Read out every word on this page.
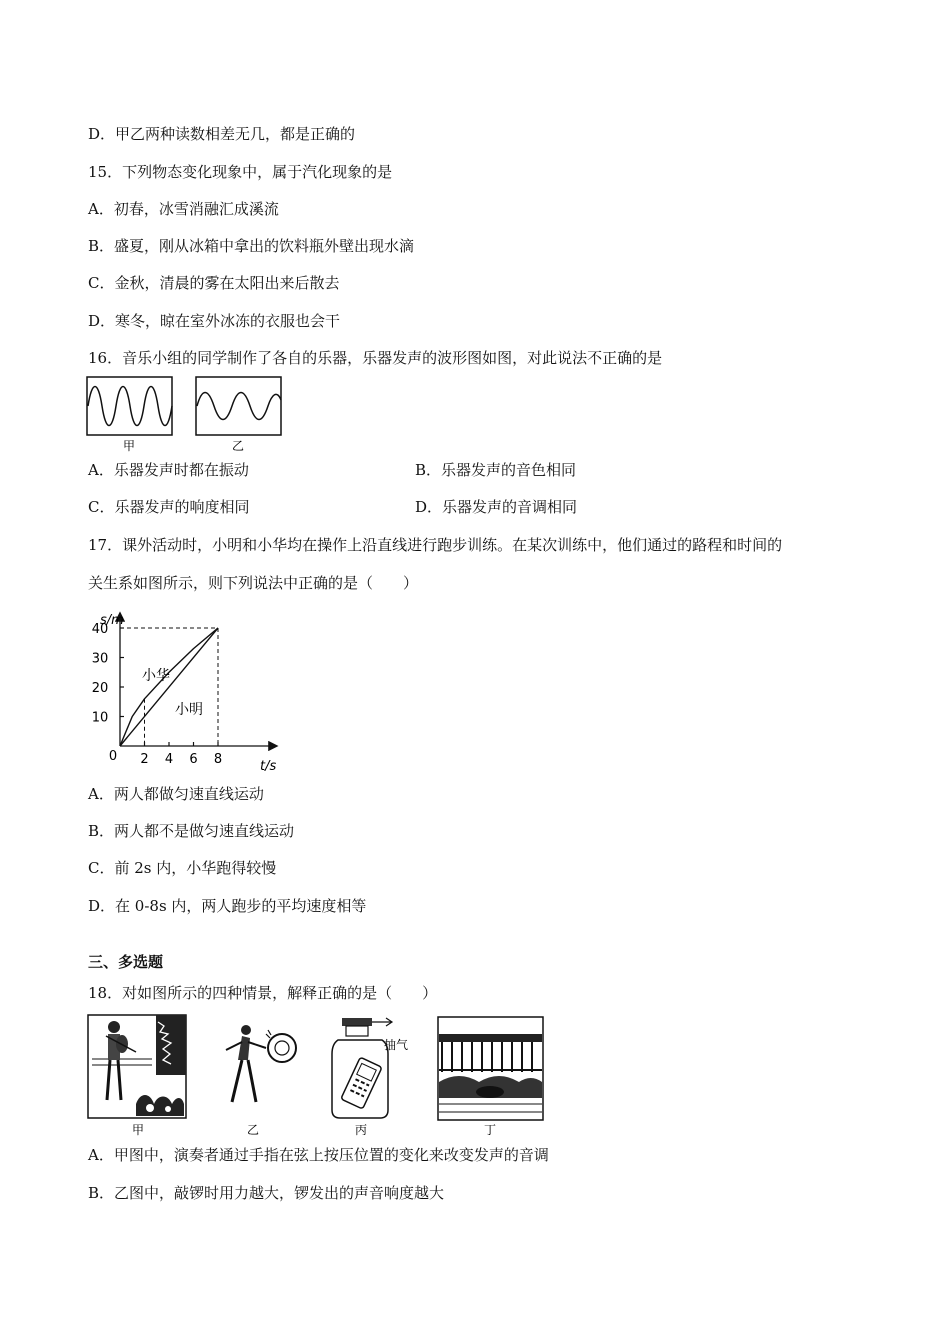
D．甲乙两种读数相差无几，都是正确的
15．下列物态变化现象中，属于汽化现象的是
A．初春，冰雪消融汇成溪流
B．盛夏，刚从冰箱中拿出的饮料瓶外壁出现水滴
C．金秋，清晨的雾在太阳出来后散去
D．寒冬，晾在室外冰冻的衣服也会干
16．音乐小组的同学制作了各自的乐器，乐器发声的波形图如图，对此说法不正确的是
甲	乙
A．乐器发声时都在振动	B．乐器发声的音色相同
C．乐器发声的响度相同	D．乐器发声的音调相同
17．课外活动时，小明和小华均在操作上沿直线进行跑步训练。在某次训练中，他们通过的路程和时间的
关生系如图所示，则下列说法中正确的是（　　）
10
20
30
40
2 4 6 8
s/m
t/s
0
小华
小明
A．两人都做匀速直线运动
B．两人都不是做匀速直线运动
C．前 2s 内，小华跑得较慢
D．在 0-8s 内，两人跑步的平均速度相等
三、多选题
18．对如图所示的四种情景，解释正确的是（　　）
抽气
甲	乙	丙	丁
A．甲图中，演奏者通过手指在弦上按压位置的变化来改变发声的音调
B．乙图中，敲锣时用力越大，锣发出的声音响度越大
